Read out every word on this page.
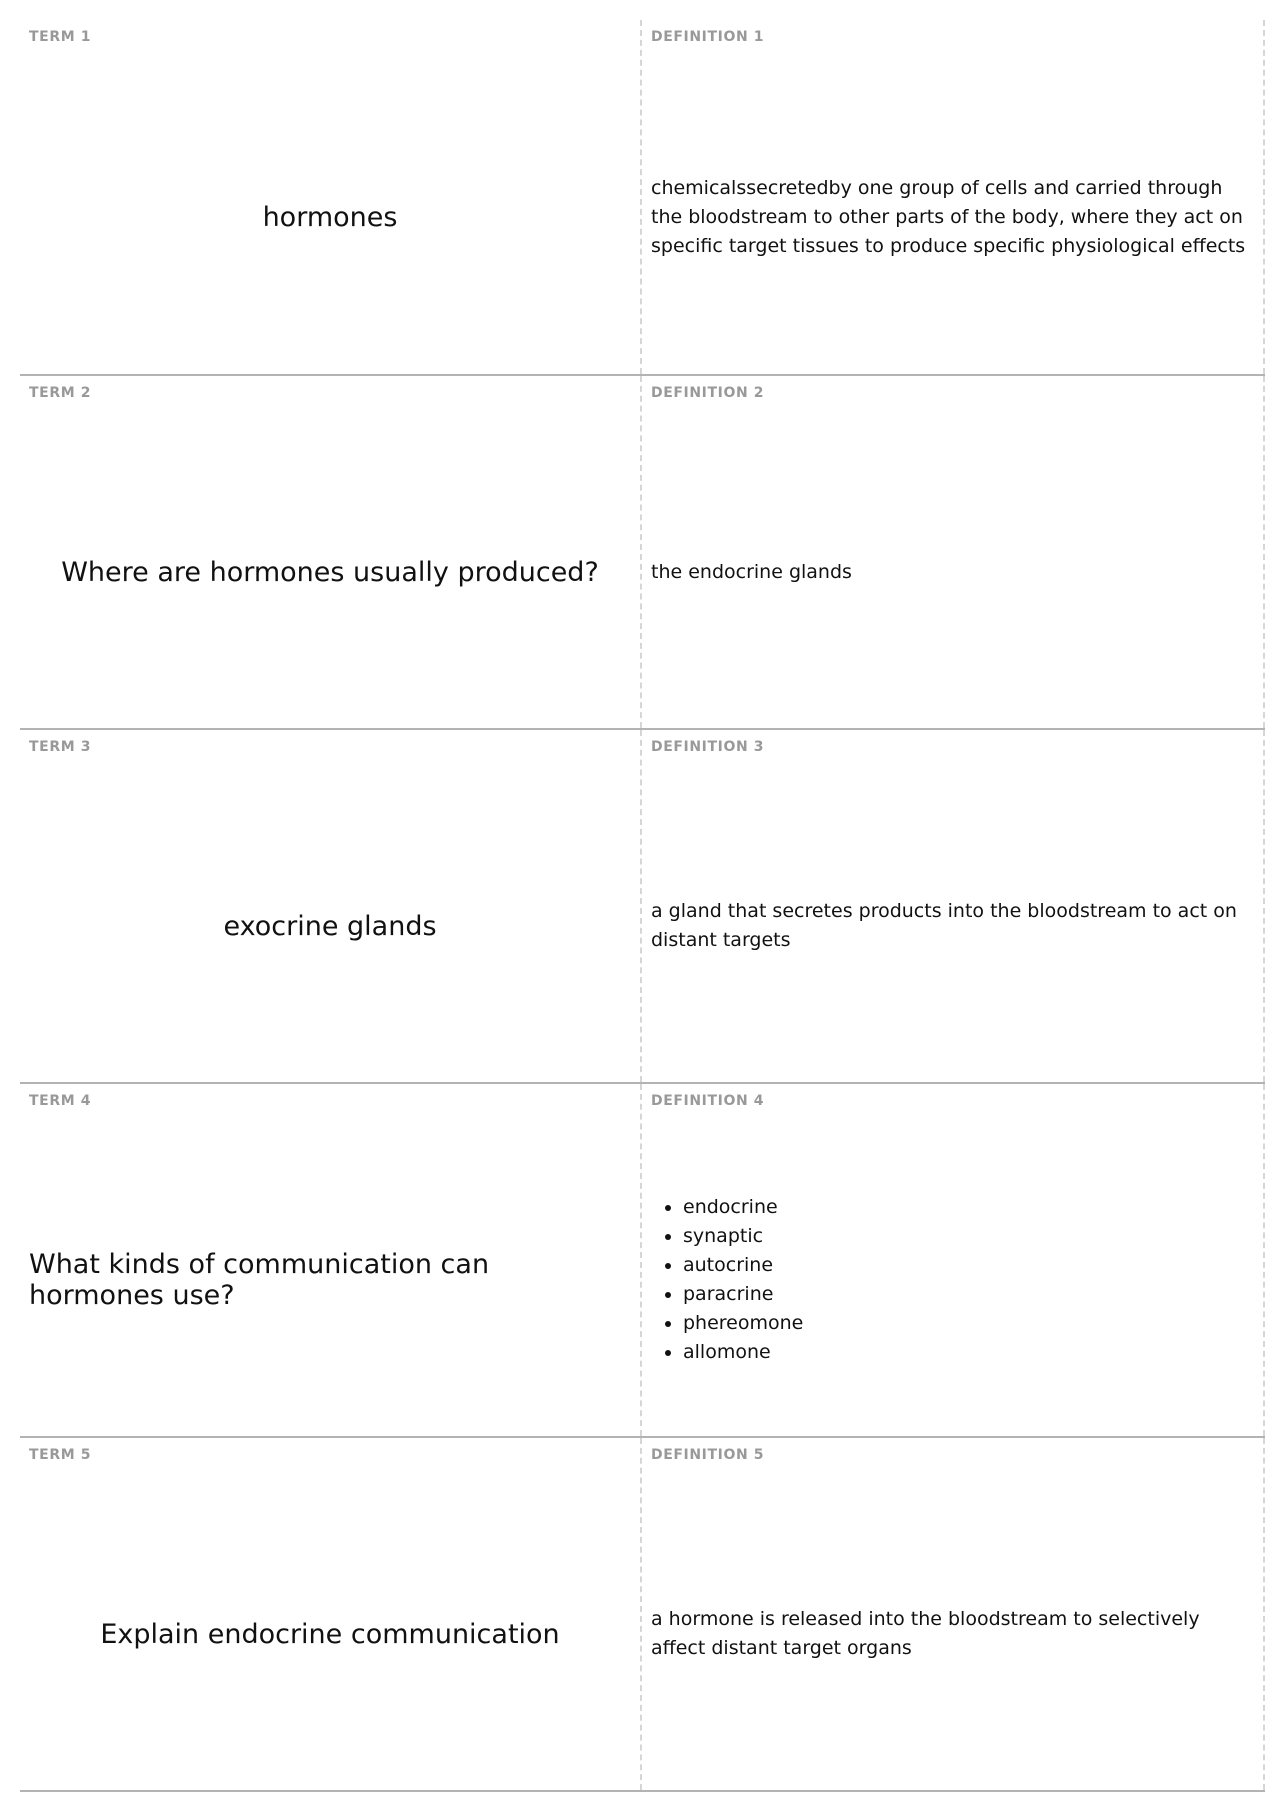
TERM 1
hormones
DEFINITION 1
chemicalssecretedby one group of cells and carried through the bloodstream to other parts of the body, where they act on specific target tissues to produce specific physiological effects
TERM 2
Where are hormones usually produced?
DEFINITION 2
the endocrine glands
TERM 3
exocrine glands
DEFINITION 3
a gland that secretes products into the bloodstream to act on distant targets
TERM 4
What kinds of communication can hormones use?
DEFINITION 4
• endocrine
• synaptic
• autocrine
• paracrine
• phereomone
• allomone
TERM 5
Explain endocrine communication
DEFINITION 5
a hormone is released into the bloodstream to selectively affect distant target organs
